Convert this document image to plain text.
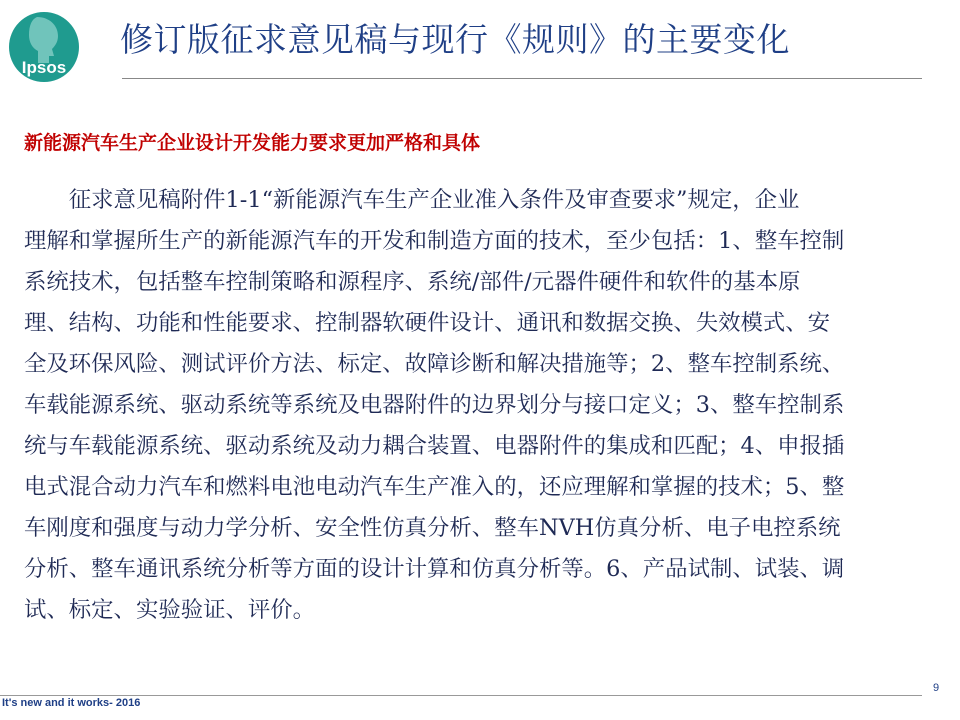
Ipsos
修订版征求意见稿与现行《规则》的主要变化
新能源汽车生产企业设计开发能力要求更加严格和具体
　　征求意见稿附件1-1“新能源汽车生产企业准入条件及审查要求”规定，企业
理解和掌握所生产的新能源汽车的开发和制造方面的技术，至少包括：1、整车控制
系统技术，包括整车控制策略和源程序、系统/部件/元器件硬件和软件的基本原
理、结构、功能和性能要求、控制器软硬件设计、通讯和数据交换、失效模式、安
全及环保风险、测试评价方法、标定、故障诊断和解决措施等；2、整车控制系统、
车载能源系统、驱动系统等系统及电器附件的边界划分与接口定义；3、整车控制系
统与车载能源系统、驱动系统及动力耦合装置、电器附件的集成和匹配；4、申报插
电式混合动力汽车和燃料电池电动汽车生产准入的，还应理解和掌握的技术；5、整
车刚度和强度与动力学分析、安全性仿真分析、整车NVH仿真分析、电子电控系统
分析、整车通讯系统分析等方面的设计计算和仿真分析等。6、产品试制、试装、调
试、标定、实验验证、评价。
It's new and it works- 2016
9
